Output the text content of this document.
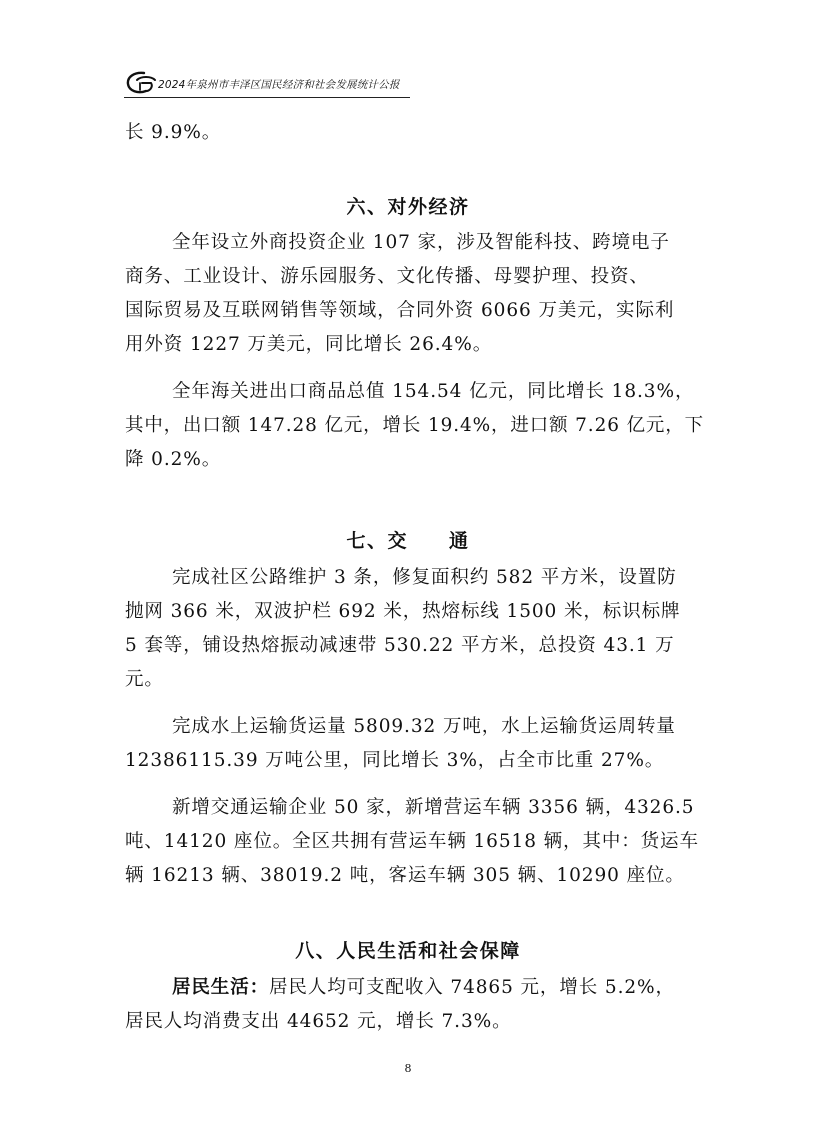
2024年泉州市丰泽区国民经济和社会发展统计公报
长 9.9%。
六、对外经济
全年设立外商投资企业 107 家，涉及智能科技、跨境电子
商务、工业设计、游乐园服务、文化传播、母婴护理、投资、
国际贸易及互联网销售等领域，合同外资 6066 万美元，实际利
用外资 1227 万美元，同比增长 26.4%。
全年海关进出口商品总值 154.54 亿元，同比增长 18.3%，
其中，出口额 147.28 亿元，增长 19.4%，进口额 7.26 亿元，下
降 0.2%。
七、交　　通
完成社区公路维护 3 条，修复面积约 582 平方米，设置防
抛网 366 米，双波护栏 692 米，热熔标线 1500 米，标识标牌
5 套等，铺设热熔振动减速带 530.22 平方米，总投资 43.1 万
元。
完成水上运输货运量 5809.32 万吨，水上运输货运周转量
12386115.39 万吨公里，同比增长 3%，占全市比重 27%。
新增交通运输企业 50 家，新增营运车辆 3356 辆，4326.5
吨、14120 座位。全区共拥有营运车辆 16518 辆，其中：货运车
辆 16213 辆、38019.2 吨，客运车辆 305 辆、10290 座位。
八、人民生活和社会保障
居民生活：居民人均可支配收入 74865 元，增长 5.2%，
居民人均消费支出 44652 元，增长 7.3%。
8
